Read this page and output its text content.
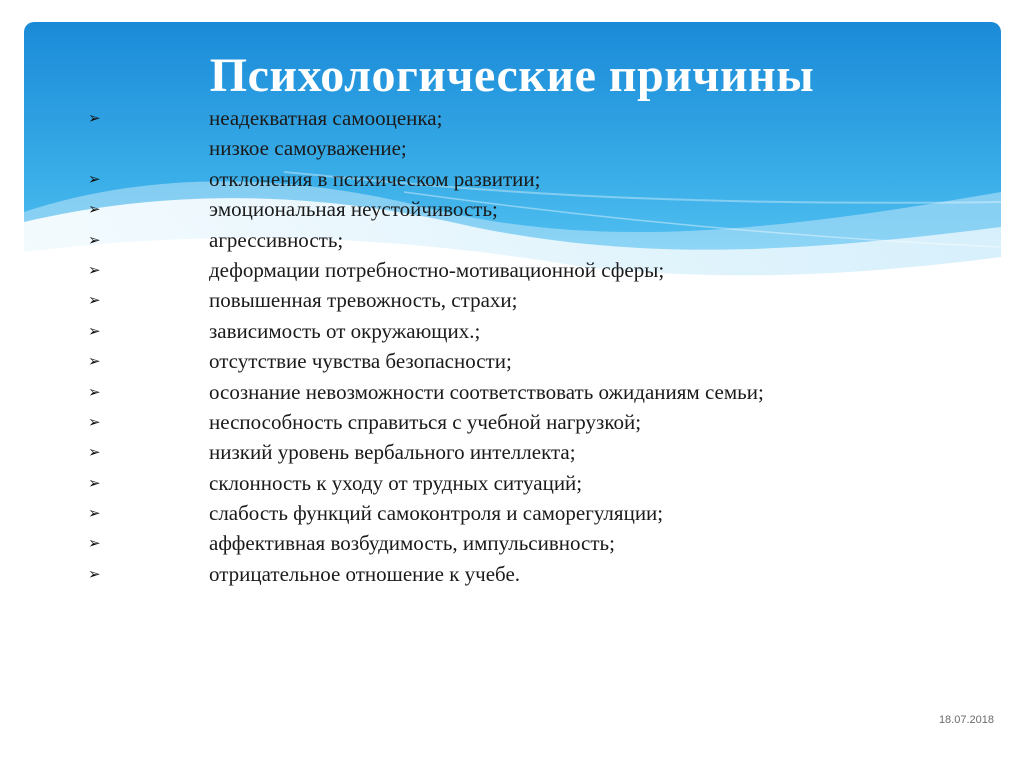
Психологические причины
➢	неадекватная самооценка;
низкое самоуважение;
➢	отклонения в психическом развитии;
➢	эмоциональная неустойчивость;
➢	агрессивность;
➢	деформации потребностно-мотивационной сферы;
➢	повышенная тревожность, страхи;
➢	зависимость от окружающих.;
➢	отсутствие чувства безопасности;
➢	осознание невозможности соответствовать ожиданиям семьи;
➢	неспособность справиться с учебной нагрузкой;
➢	низкий уровень вербального интеллекта;
➢	склонность к уходу от трудных ситуаций;
➢	слабость функций самоконтроля и саморегуляции;
➢	аффективная возбудимость, импульсивность;
➢	отрицательное отношение к учебе.
18.07.2018
